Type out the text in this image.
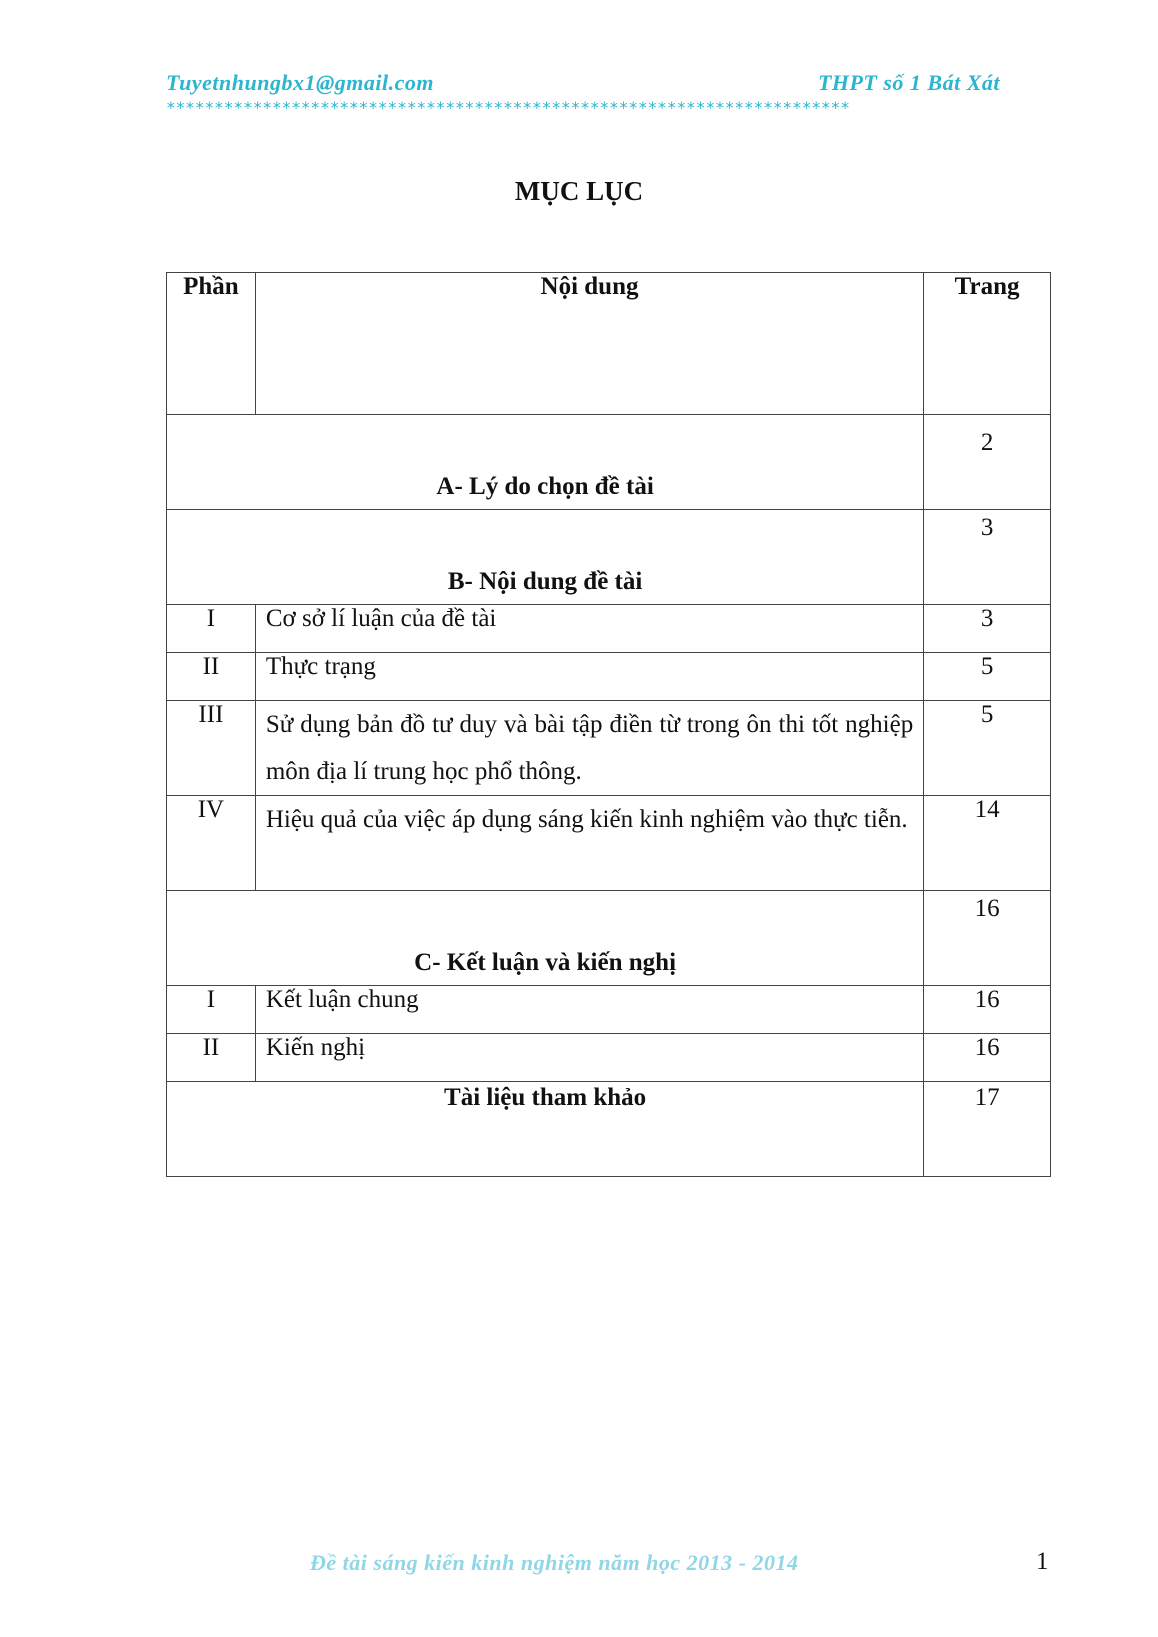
Tuyetnhungbx1@gmail.com	THPT số 1 Bát Xát
***********************************************************************
MỤC LỤC
Phần	Nội dung	Trang
A- Lý do chọn đề tài		2
B- Nội dung đề tài		3
I	Cơ sở lí luận của đề tài	3
II	Thực trạng	5
III	Sử dụng bản đồ tư duy và bài tập điền từ trong ôn thi tốt nghiệp môn địa lí trung học phổ thông.	5
IV	Hiệu quả của việc áp dụng sáng kiến kinh nghiệm vào thực tiễn.	14
C- Kết luận và kiến nghị		16
I	Kết luận chung	16
II	Kiến nghị	16
Tài liệu tham khảo		17
Đề tài sáng kiến kinh nghiệm năm học 2013 - 2014	1
